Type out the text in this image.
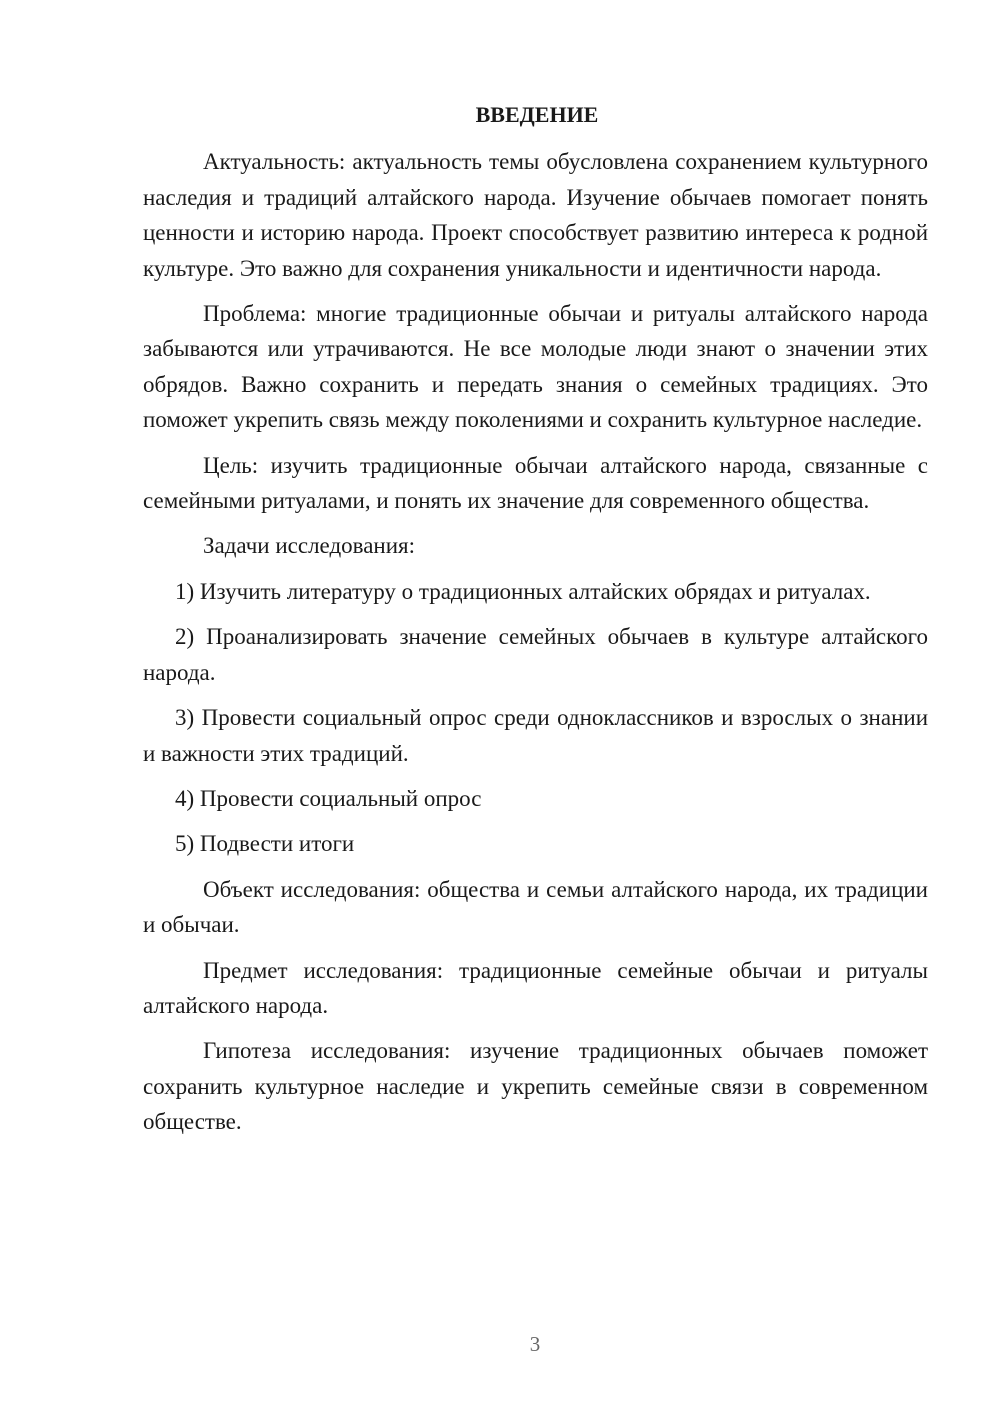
ВВЕДЕНИЕ

Актуальность: актуальность темы обусловлена сохранением культурного наследия и традиций алтайского народа. Изучение обычаев помогает понять ценности и историю народа. Проект способствует развитию интереса к родной культуре. Это важно для сохранения уникальности и идентичности народа.

Проблема: многие традиционные обычаи и ритуалы алтайского народа забываются или утрачиваются. Не все молодые люди знают о значении этих обрядов. Важно сохранить и передать знания о семейных традициях. Это поможет укрепить связь между поколениями и сохранить культурное наследие.

Цель: изучить традиционные обычаи алтайского народа, связанные с семейными ритуалами, и понять их значение для современного общества.

Задачи исследования:

1) Изучить литературу о традиционных алтайских обрядах и ритуалах.

2) Проанализировать значение семейных обычаев в культуре алтайского народа.

3) Провести социальный опрос среди одноклассников и взрослых о знании и важности этих традиций.

4) Провести социальный опрос

5) Подвести итоги

Объект исследования: общества и семьи алтайского народа, их традиции и обычаи.

Предмет исследования: традиционные семейные обычаи и ритуалы алтайского народа.

Гипотеза исследования: изучение традиционных обычаев поможет сохранить культурное наследие и укрепить семейные связи в современном обществе.

3
